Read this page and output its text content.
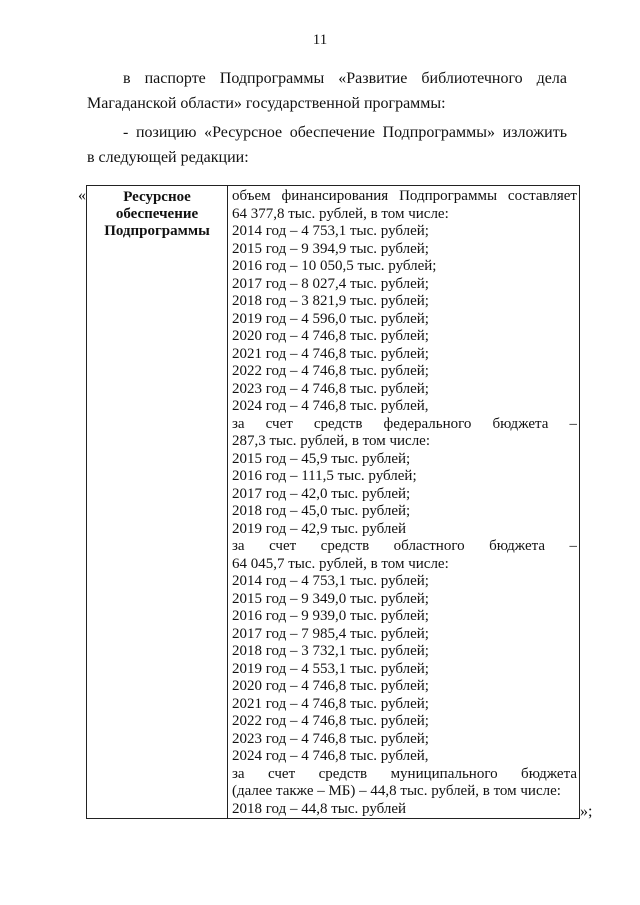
11
в паспорте Подпрограммы «Развитие библиотечного дела
Магаданской области» государственной программы:
- позицию «Ресурсное обеспечение Подпрограммы» изложить
в следующей редакции:
«	Ресурсное
обеспечение
Подпрограммы

объем финансирования Подпрограммы составляет
64 377,8 тыс. рублей, в том числе:
2014 год – 4 753,1 тыс. рублей;
2015 год – 9 394,9 тыс. рублей;
2016 год – 10 050,5 тыс. рублей;
2017 год – 8 027,4 тыс. рублей;
2018 год – 3 821,9 тыс. рублей;
2019 год – 4 596,0 тыс. рублей;
2020 год – 4 746,8 тыс. рублей;
2021 год – 4 746,8 тыс. рублей;
2022 год – 4 746,8 тыс. рублей;
2023 год – 4 746,8 тыс. рублей;
2024 год – 4 746,8 тыс. рублей,
за счет средств федерального бюджета –
287,3 тыс. рублей, в том числе:
2015 год – 45,9 тыс. рублей;
2016 год – 111,5 тыс. рублей;
2017 год – 42,0 тыс. рублей;
2018 год – 45,0 тыс. рублей;
2019 год – 42,9 тыс. рублей
за счет средств областного бюджета –
64 045,7 тыс. рублей, в том числе:
2014 год – 4 753,1 тыс. рублей;
2015 год – 9 349,0 тыс. рублей;
2016 год – 9 939,0 тыс. рублей;
2017 год – 7 985,4 тыс. рублей;
2018 год – 3 732,1 тыс. рублей;
2019 год – 4 553,1 тыс. рублей;
2020 год – 4 746,8 тыс. рублей;
2021 год – 4 746,8 тыс. рублей;
2022 год – 4 746,8 тыс. рублей;
2023 год – 4 746,8 тыс. рублей;
2024 год – 4 746,8 тыс. рублей,
за счет средств муниципального бюджета
(далее также – МБ) – 44,8 тыс. рублей, в том числе:
2018 год – 44,8 тыс. рублей	»;
